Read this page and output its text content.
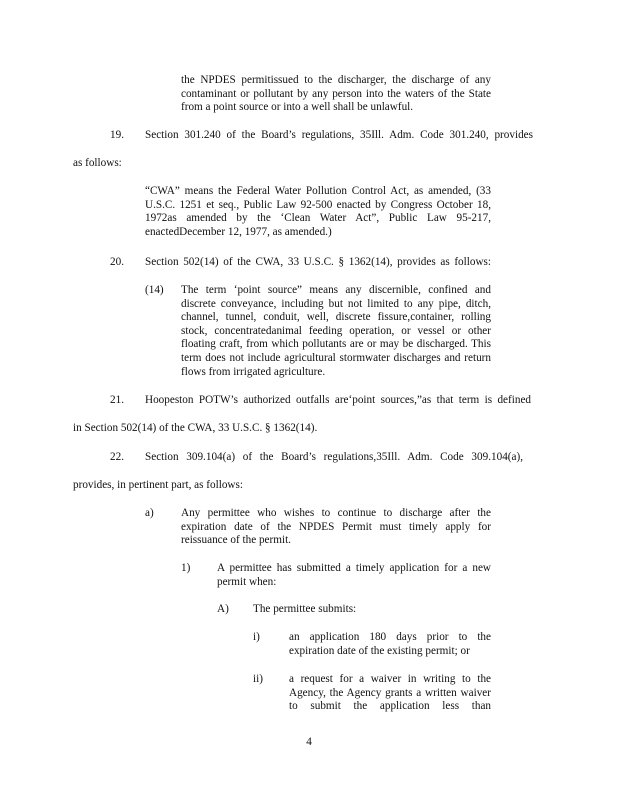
the NPDES permitissued to the discharger, the discharge of any contaminant or pollutant by any person into the waters of the State from a point source or into a well shall be unlawful.
19. Section 301.240 of the Board’s regulations, 35Ill. Adm. Code 301.240, provides
as follows:
“CWA” means the Federal Water Pollution Control Act, as amended, (33 U.S.C. 1251 et seq., Public Law 92-500 enacted by Congress October 18, 1972as amended by the ‘Clean Water Act”, Public Law 95-217, enactedDecember 12, 1977, as amended.)
20. Section 502(14) of the CWA, 33 U.S.C. § 1362(14), provides as follows:
(14) The term ‘point source” means any discernible, confined and discrete conveyance, including but not limited to any pipe, ditch, channel, tunnel, conduit, well, discrete fissure,container, rolling stock, concentratedanimal feeding operation, or vessel or other floating craft, from which pollutants are or may be discharged. This term does not include agricultural stormwater discharges and return flows from irrigated agriculture.
21. Hoopeston POTW’s authorized outfalls are‘point sources,”as that term is defined
in Section 502(14) of the CWA, 33 U.S.C. § 1362(14).
22. Section 309.104(a) of the Board’s regulations,35Ill. Adm. Code 309.104(a),
provides, in pertinent part, as follows:
a) Any permittee who wishes to continue to discharge after the expiration date of the NPDES Permit must timely apply for reissuance of the permit.
1) A permittee has submitted a timely application for a new permit when:
A) The permittee submits:
i)	an application 180 days prior to the expiration date of the existing permit; or
ii) a request for a waiver in writing to the Agency, the Agency grants a written waiver to submit the application less than
4
